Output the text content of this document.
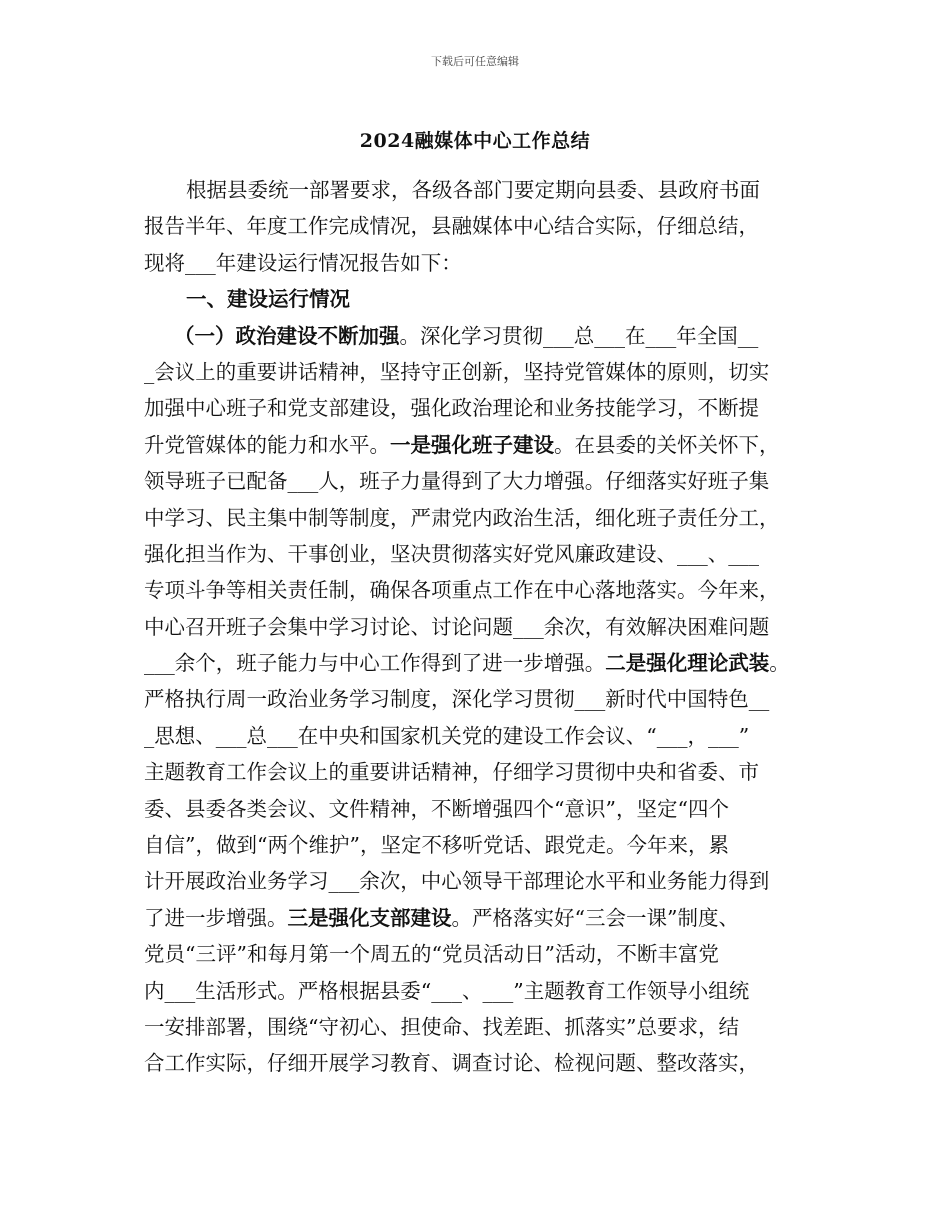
下载后可任意编辑
2024融媒体中心工作总结
根据县委统一部署要求，各级各部门要定期向县委、县政府书面
报告半年、年度工作完成情况，县融媒体中心结合实际，仔细总结，
现将___年建设运行情况报告如下：
一、建设运行情况
（一）政治建设不断加强。深化学习贯彻___总___在___年全国__
_会议上的重要讲话精神，坚持守正创新，坚持党管媒体的原则，切实
加强中心班子和党支部建设，强化政治理论和业务技能学习，不断提
升党管媒体的能力和水平。一是强化班子建设。在县委的关怀关怀下，
领导班子已配备___人，班子力量得到了大力增强。仔细落实好班子集
中学习、民主集中制等制度，严肃党内政治生活，细化班子责任分工，
强化担当作为、干事创业，坚决贯彻落实好党风廉政建设、___、___
专项斗争等相关责任制，确保各项重点工作在中心落地落实。今年来，
中心召开班子会集中学习讨论、讨论问题___余次，有效解决困难问题
___余个，班子能力与中心工作得到了进一步增强。二是强化理论武装。
严格执行周一政治业务学习制度，深化学习贯彻___新时代中国特色__
_思想、___总___在中央和国家机关党的建设工作会议、“___，___”
主题教育工作会议上的重要讲话精神，仔细学习贯彻中央和省委、市
委、县委各类会议、文件精神，不断增强四个“意识”，坚定“四个
自信”，做到“两个维护”，坚定不移听党话、跟党走。今年来，累
计开展政治业务学习___余次，中心领导干部理论水平和业务能力得到
了进一步增强。三是强化支部建设。严格落实好“三会一课”制度、
党员“三评”和每月第一个周五的“党员活动日”活动，不断丰富党
内___生活形式。严格根据县委“___、___”主题教育工作领导小组统
一安排部署，围绕“守初心、担使命、找差距、抓落实”总要求，结
合工作实际，仔细开展学习教育、调查讨论、检视问题、整改落实，
